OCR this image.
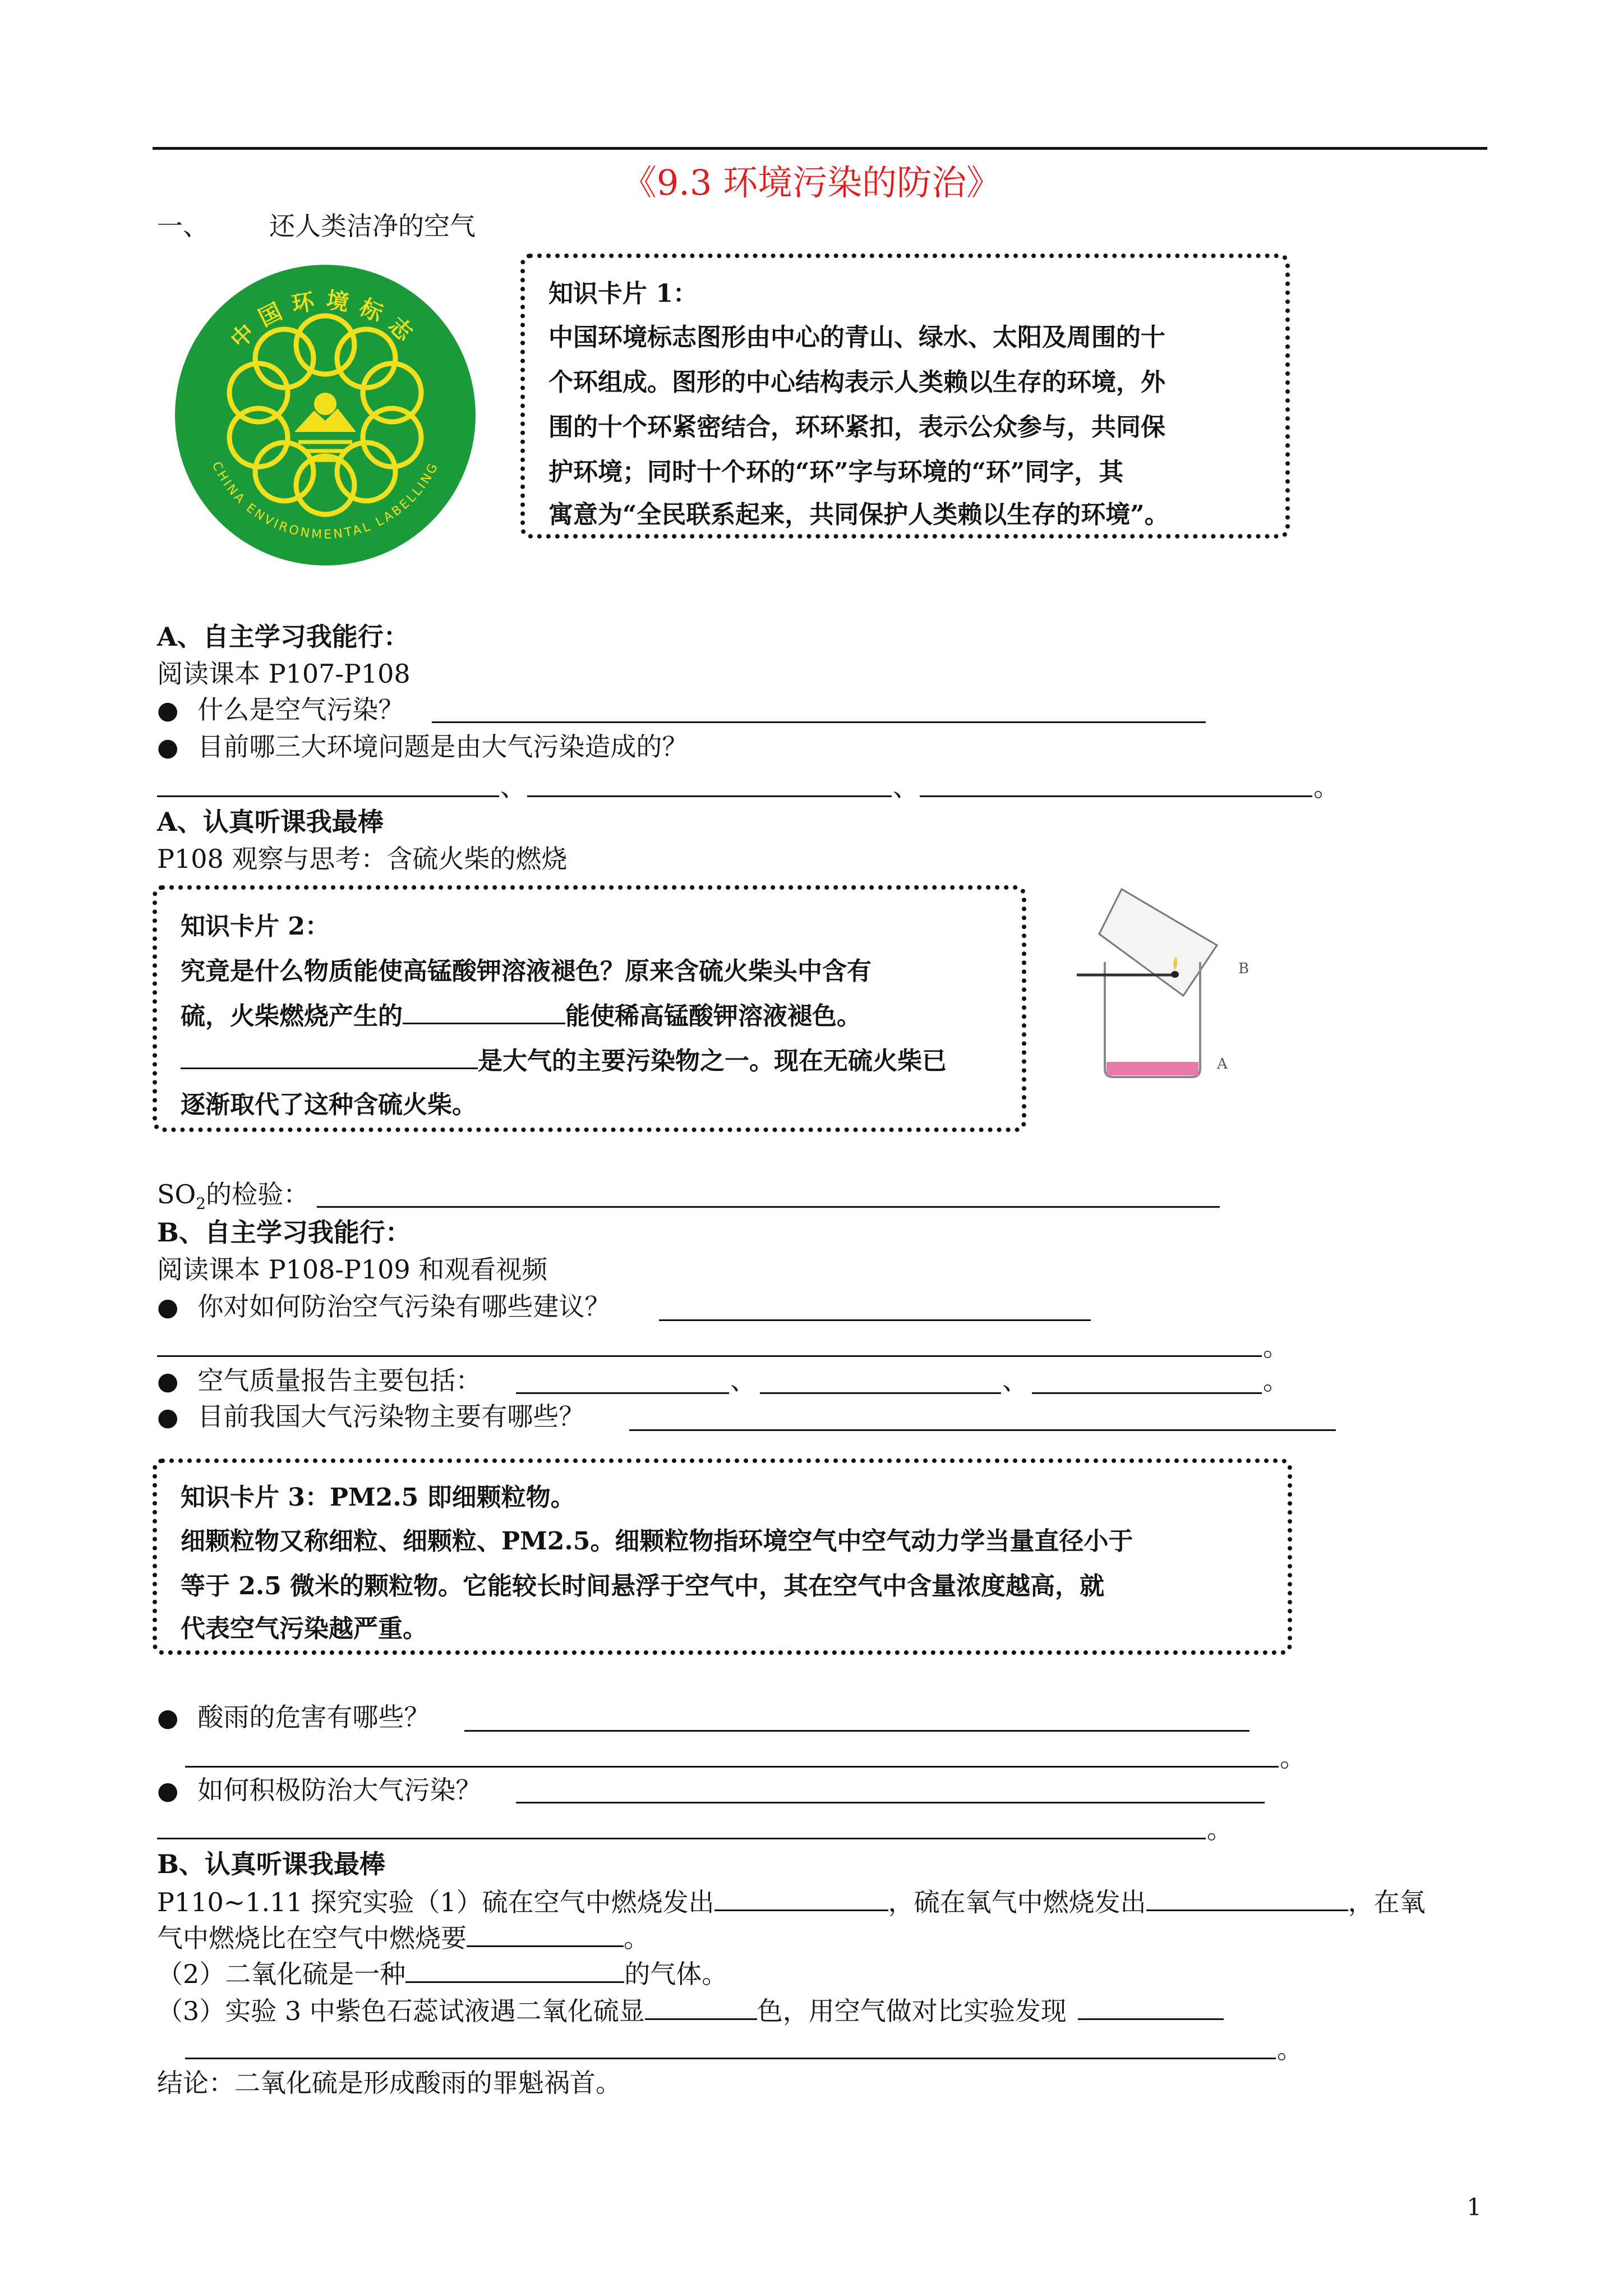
《9.3 环境污染的防治》
一、 还人类洁净的空气
中国环境标志
CHINA ENVIRONMENTAL LABELLING
知识卡片 1：
中国环境标志图形由中心的青山、绿水、太阳及周围的十
个环组成。图形的中心结构表示人类赖以生存的环境，外
围的十个环紧密结合，环环紧扣，表示公众参与，共同保
护环境；同时十个环的“环”字与环境的“环”同字，其
寓意为“全民联系起来，共同保护人类赖以生存的环境”。
A、自主学习我能行：
阅读课本 P107-P108
● 什么是空气污染？
● 目前哪三大环境问题是由大气污染造成的？
、	、	。
A、认真听课我最棒
P108 观察与思考：含硫火柴的燃烧
知识卡片 2：
究竟是什么物质能使高锰酸钾溶液褪色？原来含硫火柴头中含有
硫，火柴燃烧产生的	能使稀高锰酸钾溶液褪色。
是大气的主要污染物之一。现在无硫火柴已
逐渐取代了这种含硫火柴。
B
A
$SO_2$的检验：
B、自主学习我能行：
阅读课本 P108-P109 和观看视频
● 你对如何防治空气污染有哪些建议？
。
● 空气质量报告主要包括：	、	、	。
● 目前我国大气污染物主要有哪些？
知识卡片 3：PM2.5 即细颗粒物。
细颗粒物又称细粒、细颗粒、PM2.5。细颗粒物指环境空气中空气动力学当量直径小于
等于 2.5 微米的颗粒物。它能较长时间悬浮于空气中，其在空气中含量浓度越高，就
代表空气污染越严重。
● 酸雨的危害有哪些？
。
● 如何积极防治大气污染？
。
B、认真听课我最棒
P110~1.11 探究实验（1）硫在空气中燃烧发出	，硫在氧气中燃烧发出	，在氧
气中燃烧比在空气中燃烧要	。
（2）二氧化硫是一种	的气体。
（3）实验 3 中紫色石蕊试液遇二氧化硫显	色，用空气做对比实验发现
。
结论：二氧化硫是形成酸雨的罪魁祸首。
1
